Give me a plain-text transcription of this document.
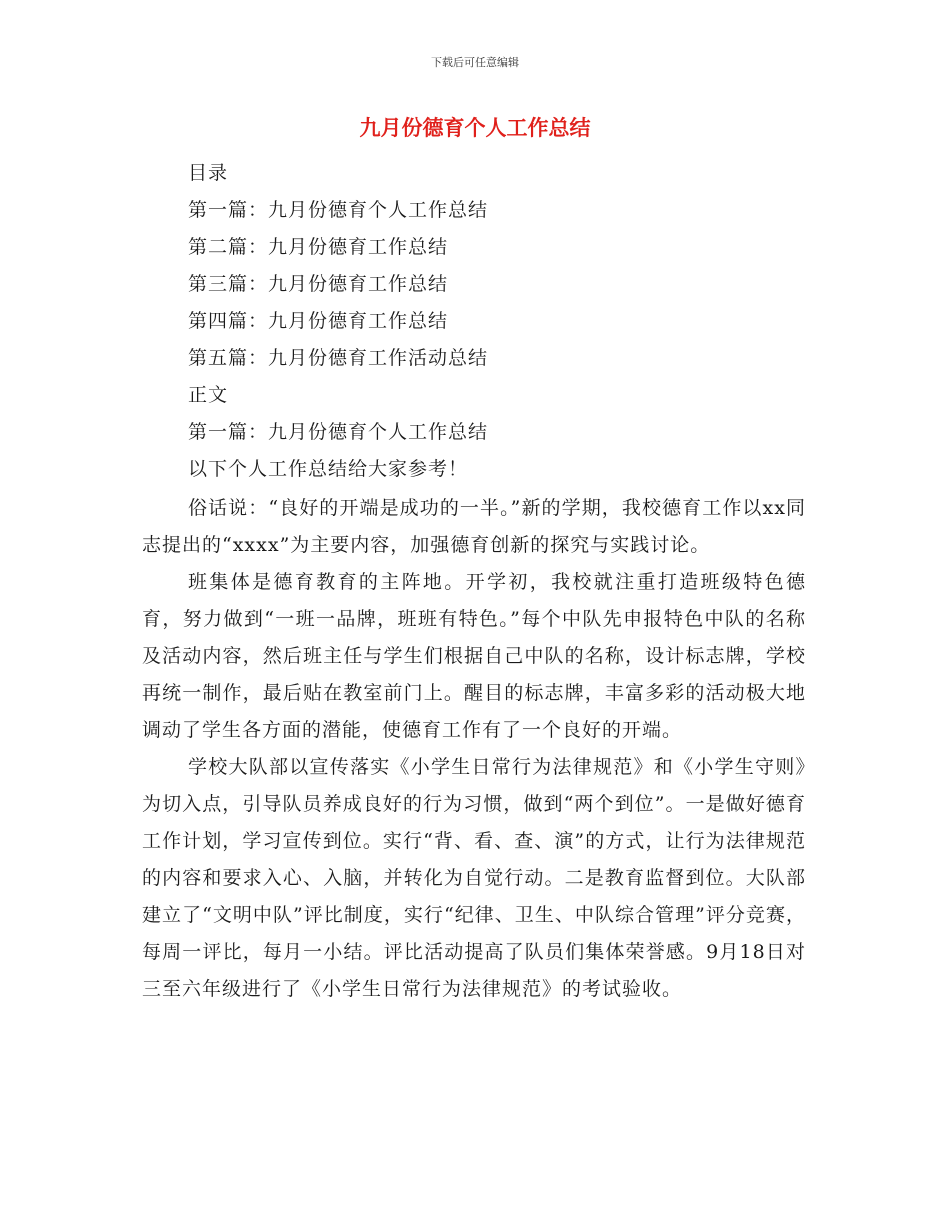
下载后可任意编辑
九月份德育个人工作总结
目录
第一篇：九月份德育个人工作总结
第二篇：九月份德育工作总结
第三篇：九月份德育工作总结
第四篇：九月份德育工作总结
第五篇：九月份德育工作活动总结
正文
第一篇：九月份德育个人工作总结
以下个人工作总结给大家参考！

俗话说：“良好的开端是成功的一半。”新的学期，我校德育工作以xx同志提出的“xxxx”为主要内容，加强德育创新的探究与实践讨论。

班集体是德育教育的主阵地。开学初，我校就注重打造班级特色德育，努力做到“一班一品牌，班班有特色。”每个中队先申报特色中队的名称及活动内容，然后班主任与学生们根据自己中队的名称，设计标志牌，学校再统一制作，最后贴在教室前门上。醒目的标志牌，丰富多彩的活动极大地调动了学生各方面的潜能，使德育工作有了一个良好的开端。

学校大队部以宣传落实《小学生日常行为法律规范》和《小学生守则》为切入点，引导队员养成良好的行为习惯，做到“两个到位”。一是做好德育工作计划，学习宣传到位。实行“背、看、查、演”的方式，让行为法律规范的内容和要求入心、入脑，并转化为自觉行动。二是教育监督到位。大队部建立了“文明中队”评比制度，实行“纪律、卫生、中队综合管理”评分竞赛，每周一评比，每月一小结。评比活动提高了队员们集体荣誉感。9月18日对三至六年级进行了《小学生日常行为法律规范》的考试验收。
